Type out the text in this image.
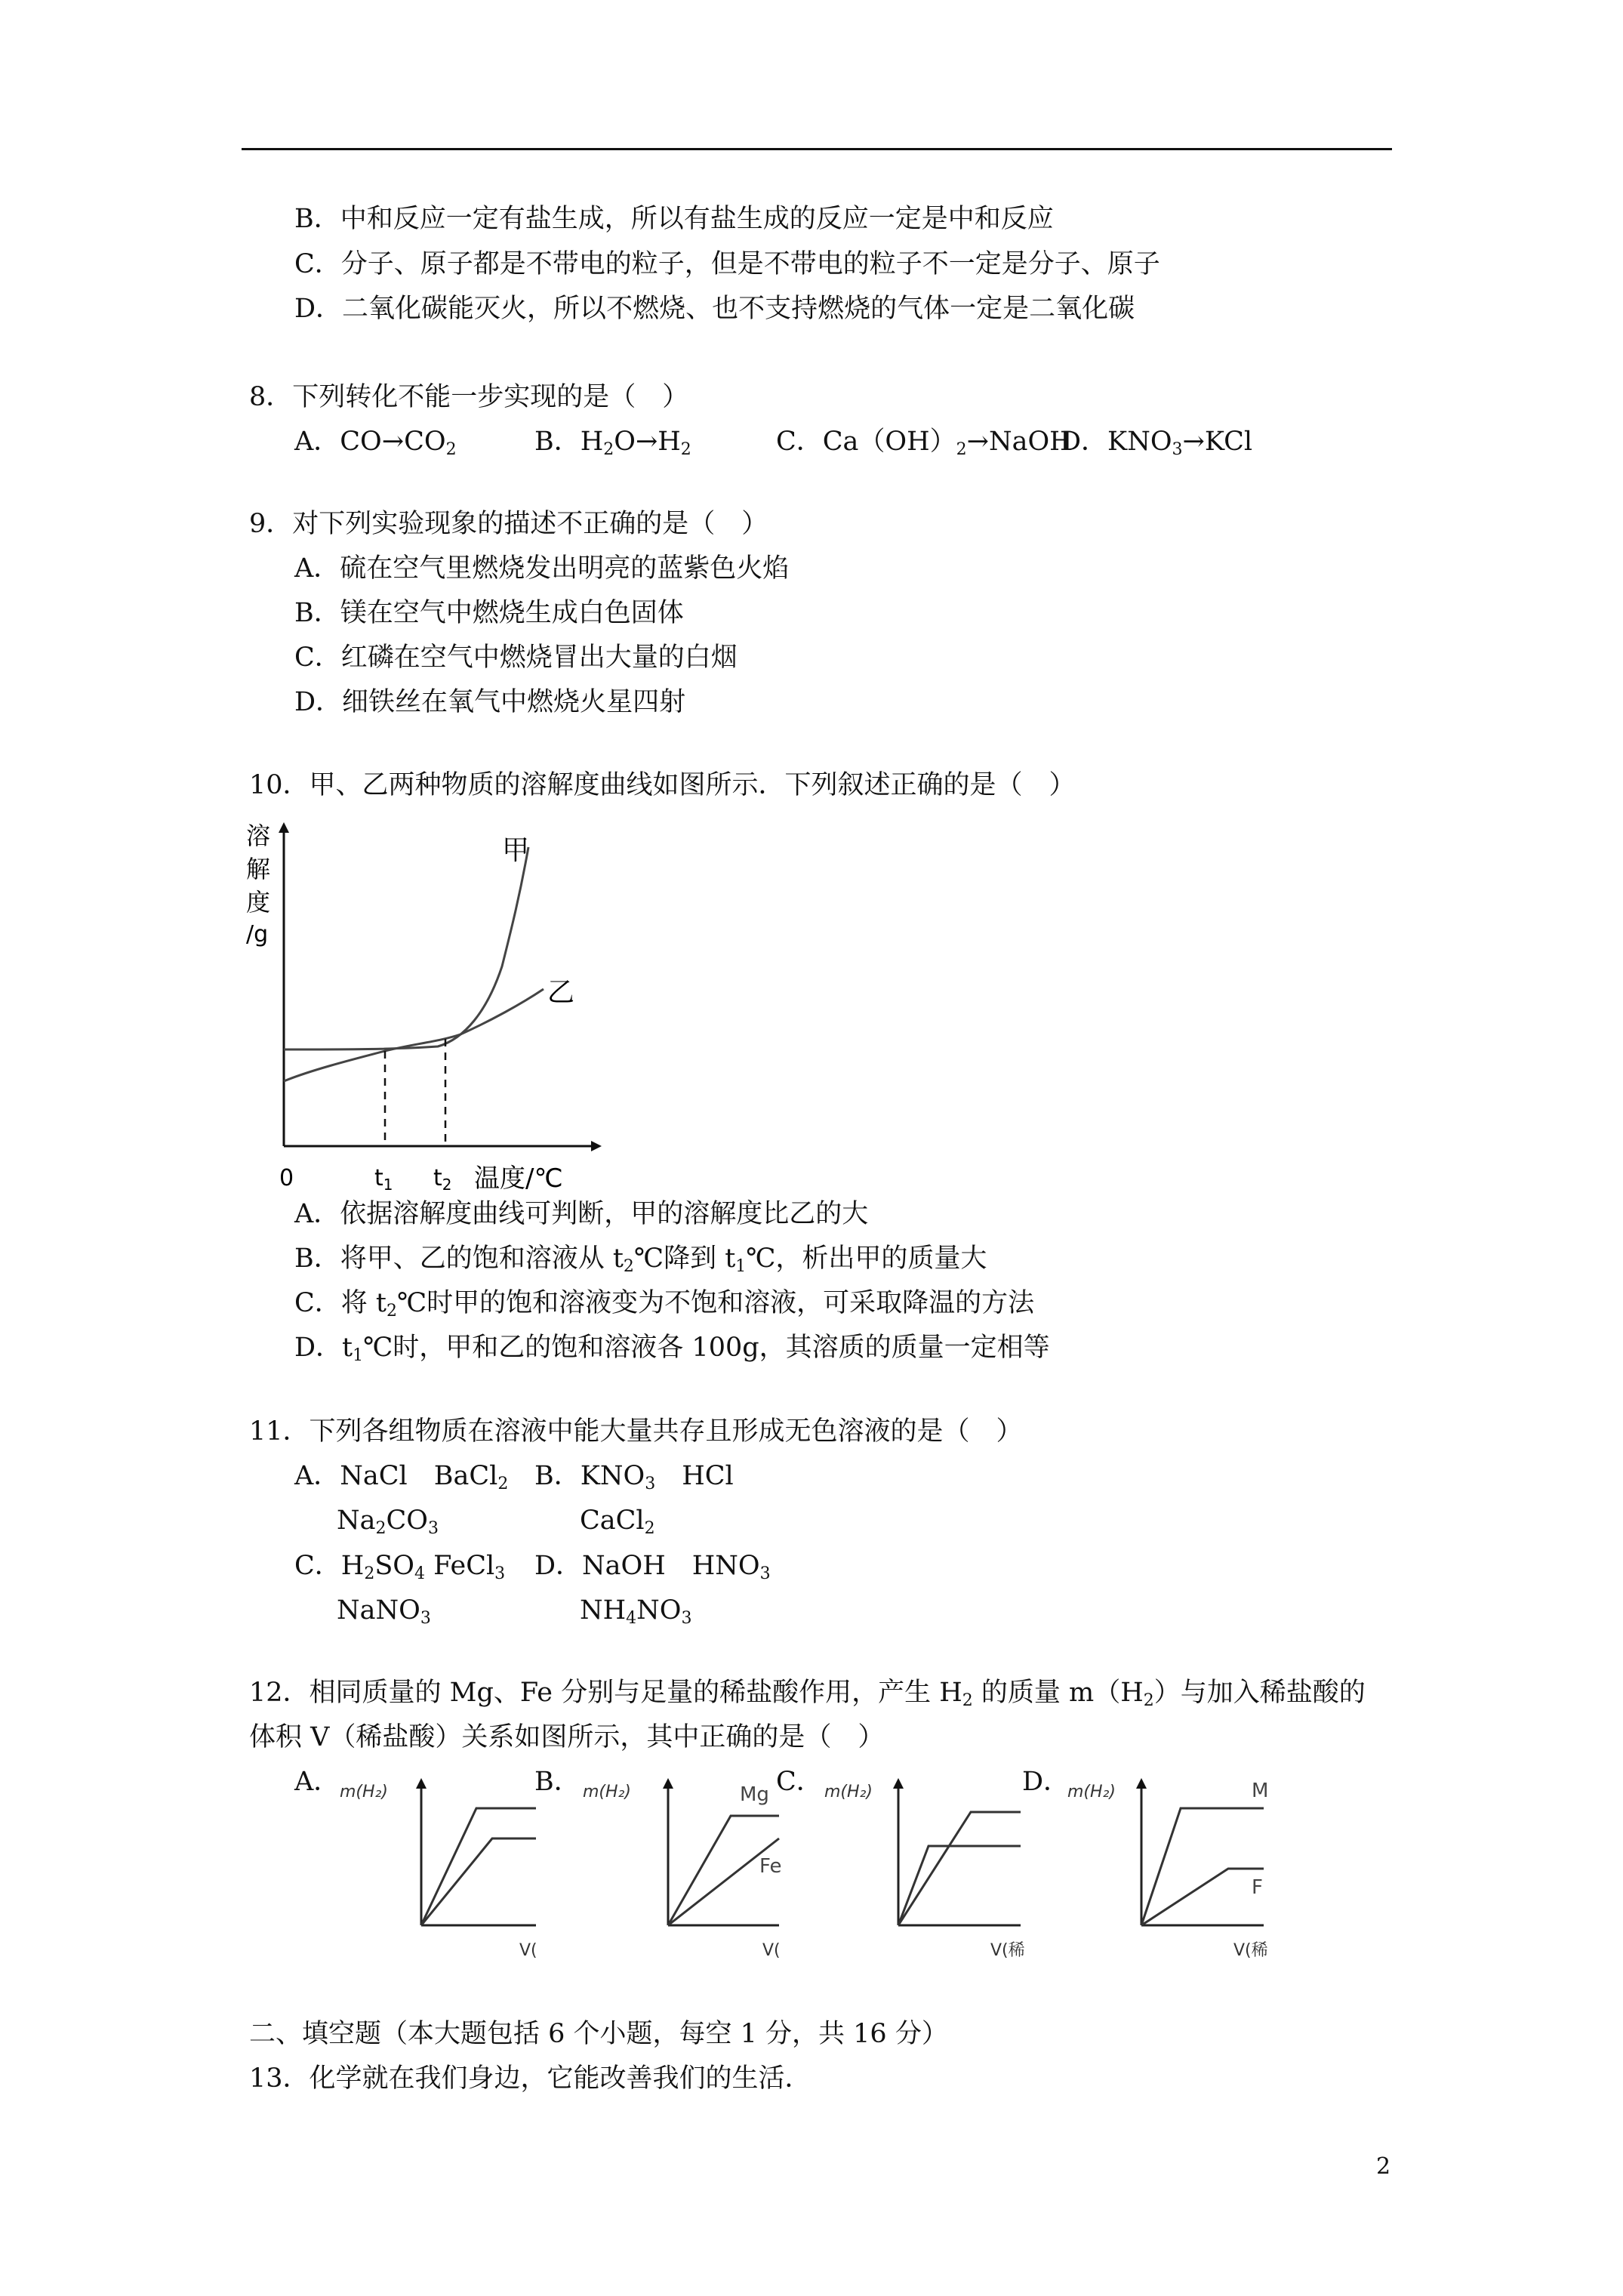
B．中和反应一定有盐生成，所以有盐生成的反应一定是中和反应
C．分子、原子都是不带电的粒子，但是不带电的粒子不一定是分子、原子
D．二氧化碳能灭火，所以不燃烧、也不支持燃烧的气体一定是二氧化碳
8．下列转化不能一步实现的是（　）
A．$CO\to CO_2$	B．$H_2O\to H_2$	C．$Ca(OH)_2\to NaOH$
D．$KNO_3\to KCl$
9．对下列实验现象的描述不正确的是（　）
A．硫在空气里燃烧发出明亮的蓝紫色火焰
B．镁在空气中燃烧生成白色固体
C．红磷在空气中燃烧冒出大量的白烟
D．细铁丝在氧气中燃烧火星四射
10．甲、乙两种物质的溶解度曲线如图所示．下列叙述正确的是（　）
溶
解
度
/g
甲
乙
0	$t_1$ $t_2$ 温度/℃
A．依据溶解度曲线可判断，甲的溶解度比乙的大
B．将甲、乙的饱和溶液从 $t_2℃$降到 $t_1℃$，析出甲的质量大
C．将 $t_2℃$时甲的饱和溶液变为不饱和溶液，可采取降温的方法
D．$t_1℃$时，甲和乙的饱和溶液各 100g，其溶质的质量一定相等
11．下列各组物质在溶液中能大量共存且形成无色溶液的是（　）
A．NaCl　BaCl$_2$
$Na_2CO_3$
B．$KNO_3$　HCl
CaCl$_2$
C．$H_2SO_4$ FeCl$_3$
NaNO$_3$
D．NaOH　$HNO_3$
$NH_4NO_3$
12．相同质量的 Mg、Fe 分别与足量的稀盐酸作用，产生 $H_2$ 的质量 $m(H_2)$与加入稀盐酸的
体积 V（稀盐酸）关系如图所示，其中正确的是（　）
A．	B．	C．	D．
m(H₂)
V(
m(H₂)	Mg
Fe
V(
m(H₂)
V(稀
m(H₂)	M
F
V(稀
二、填空题（本大题包括 6 个小题，每空 1 分，共 16 分）
13．化学就在我们身边，它能改善我们的生活．
2
